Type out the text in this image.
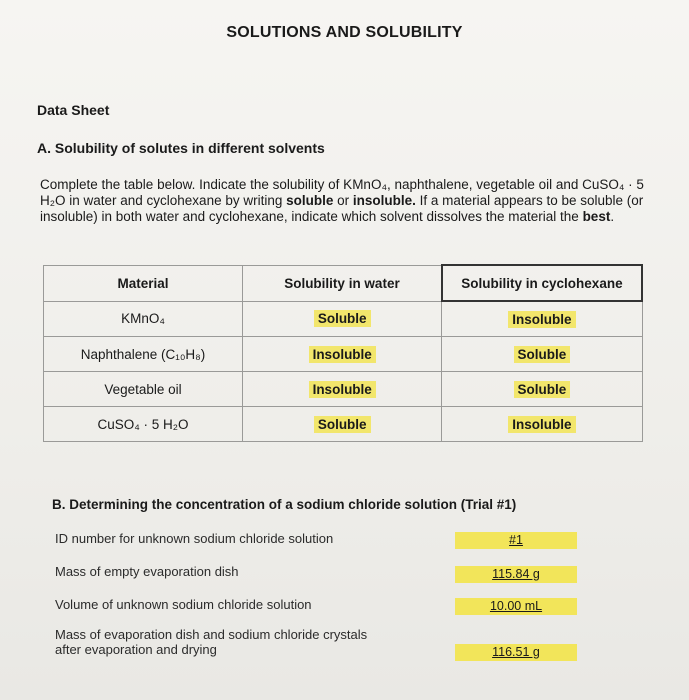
SOLUTIONS AND SOLUBILITY
Data Sheet
A. Solubility of solutes in different solvents
Complete the table below. Indicate the solubility of KMnO₄, naphthalene, vegetable oil and CuSO₄ · 5 H₂O in water and cyclohexane by writing soluble or insoluble. If a material appears to be soluble (or insoluble) in both water and cyclohexane, indicate which solvent dissolves the material the best.
Material	Solubility in water	Solubility in cyclohexane
KMnO₄	Soluble	Insoluble
Naphthalene (C₁₀H₈)	Insoluble	Soluble
Vegetable oil	Insoluble	Soluble
CuSO₄ · 5 H₂O	Soluble	Insoluble
B. Determining the concentration of a sodium chloride solution (Trial #1)
ID number for unknown sodium chloride solution	#1
Mass of empty evaporation dish	115.84 g
Volume of unknown sodium chloride solution	10.00 mL
Mass of evaporation dish and sodium chloride crystals
after evaporation and drying	116.51 g
